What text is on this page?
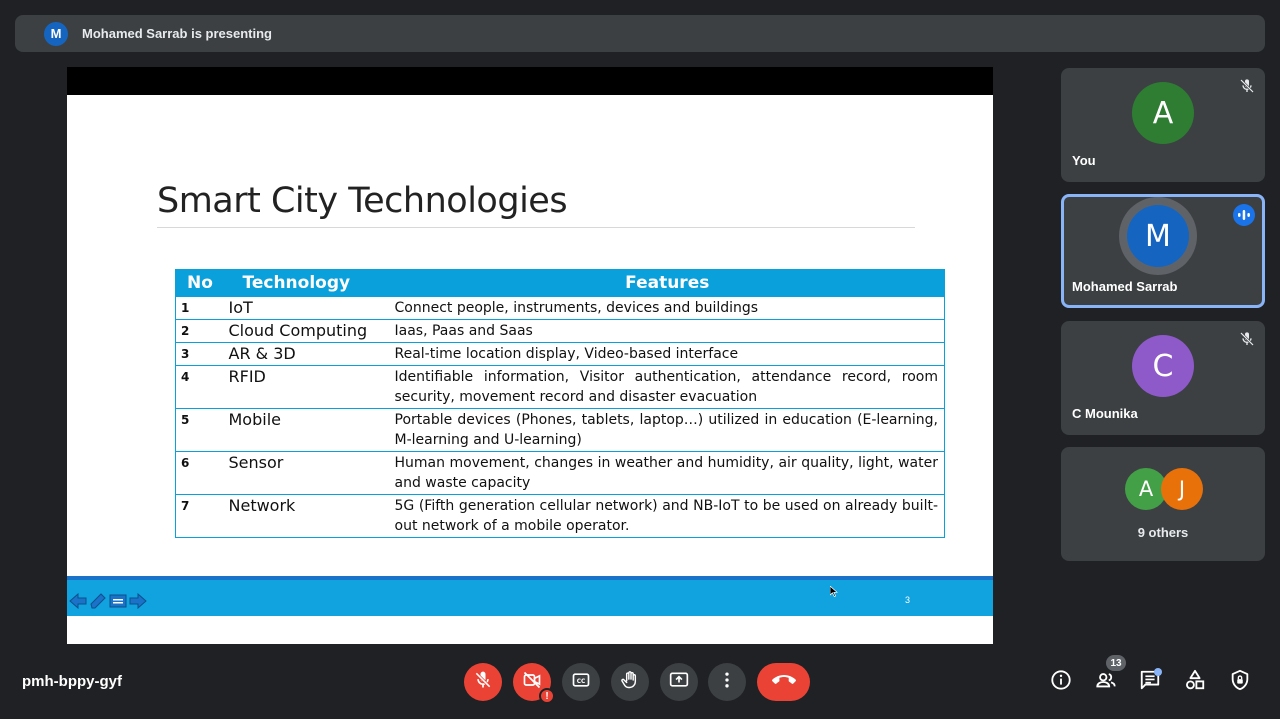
M	Mohamed Sarrab is presenting
Smart City Technologies
No	Technology	Features
1	IoT	Connect people, instruments, devices and buildings
2	Cloud Computing	Iaas, Paas and Saas
3	AR & 3D	Real-time location display, Video-based interface
4	RFID	Identifiable information, Visitor authentication, attendance record, room security, movement record and disaster evacuation
5	Mobile	Portable devices (Phones, tablets, laptop…) utilized in education (E-learning, M-learning and U-learning)
6	Sensor	Human movement, changes in weather and humidity, air quality, light, water and waste capacity
7	Network	5G (Fifth generation cellular network) and NB-IoT to be used on already built-out network of a mobile operator.
3
A
You
M
Mohamed Sarrab
C
C Mounika
A	J
9 others
pmh-bppy-gyf
!
CC
13
